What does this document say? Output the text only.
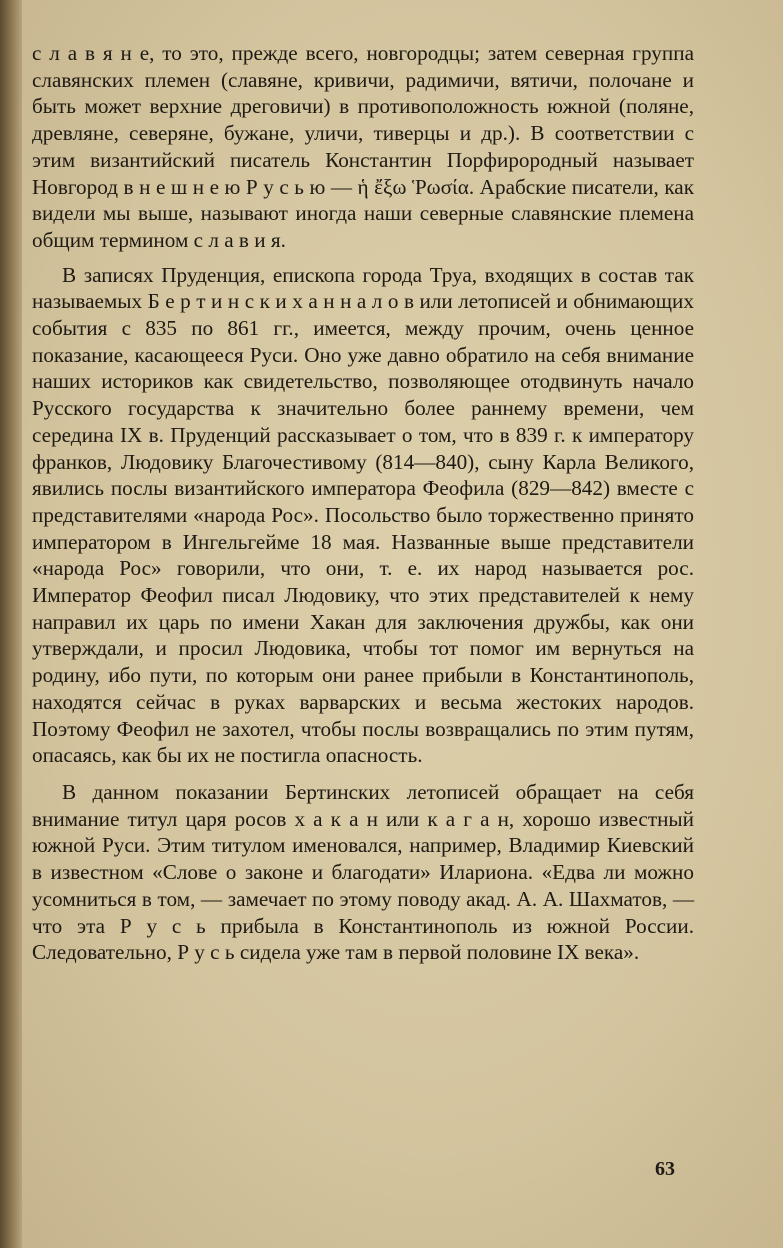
с л а в я н е, то это, прежде всего, новгородцы; затем северная группа славянских племен (славяне, кривичи, радимичи, вятичи, полочане и быть может верхние дреговичи) в противоположность южной (поляне, древляне, северяне, бужане, уличи, тиверцы и др.). В соответствии с этим византийский писатель Константин Порфирородный называет Новгород в н е ш н е ю Р у с ь ю — ἡ ἔξω Ῥωσία. Арабские писатели, как видели мы выше, называют иногда наши северные славянские племена общим термином с л а в и я.

В записях Пруденция, епископа города Труа, входящих в состав так называемых Б е р т и н с к и х а н н а л о в или летописей и обнимающих события с 835 по 861 гг., имеется, между прочим, очень ценное показание, касающееся Руси. Оно уже давно обратило на себя внимание наших историков как свидетельство, позволяющее отодвинуть начало Русского государства к значительно более раннему времени, чем середина IX в. Пруденций рассказывает о том, что в 839 г. к императору франков, Людовику Благочестивому (814—840), сыну Карла Великого, явились послы византийского императора Феофила (829—842) вместе с представителями «народа Рос». Посольство было торжественно принято императором в Ингельгейме 18 мая. Названные выше представители «народа Рос» говорили, что они, т. е. их народ называется рос. Император Феофил писал Людовику, что этих представителей к нему направил их царь по имени Хакан для заключения дружбы, как они утверждали, и просил Людовика, чтобы тот помог им вернуться на родину, ибо пути, по которым они ранее прибыли в Константинополь, находятся сейчас в руках варварских и весьма жестоких народов. Поэтому Феофил не захотел, чтобы послы возвращались по этим путям, опасаясь, как бы их не постигла опасность.

В данном показании Бертинских летописей обращает на себя внимание титул царя росов х а к а н или к а г а н, хорошо известный южной Руси. Этим титулом именовался, например, Владимир Киевский в известном «Слове о законе и благодати» Илариона. «Едва ли можно усомниться в том, — замечает по этому поводу акад. А. А. Шахматов, — что эта Р у с ь прибыла в Константинополь из южной России. Следовательно, Р у с ь сидела уже там в первой половине IX века».

63
